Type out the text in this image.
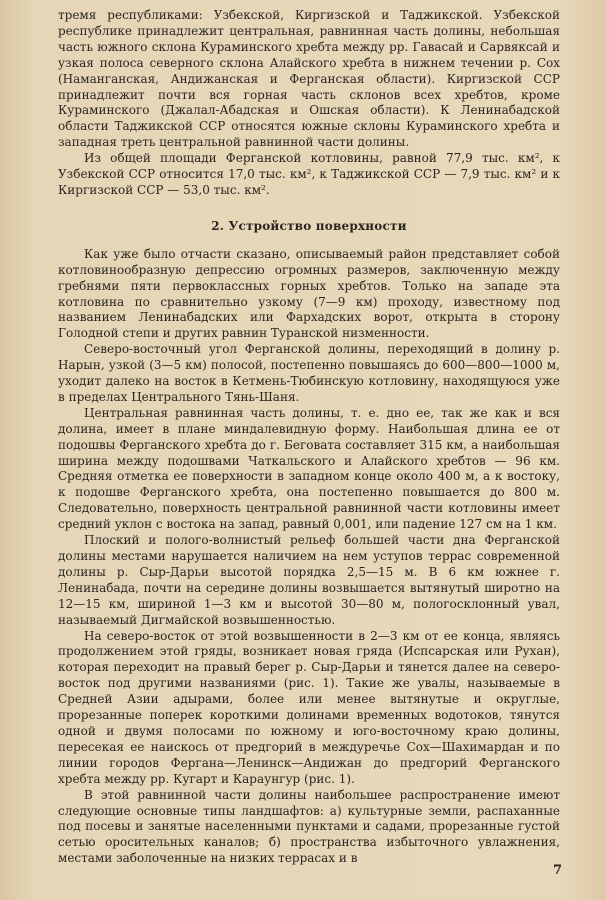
тремя республиками: Узбекской, Киргизской и Таджикской. Узбекской республике принадлежит центральная, равнинная часть долины, небольшая часть южного склона Кураминского хребта между рр. Гавасай и Сарвяксай и узкая полоса северного склона Алайского хребта в нижнем течении р. Сох (Наманганская, Андижанская и Ферганская области). Киргизской ССР принадлежит почти вся горная часть склонов всех хребтов, кроме Кураминского (Джалал-Абадская и Ошская области). К Ленинабадской области Таджикской ССР относятся южные склоны Кураминского хребта и западная треть центральной равнинной части долины.

Из общей площади Ферганской котловины, равной 77,9 тыс. км², к Узбекской ССР относится 17,0 тыс. км², к Таджикской ССР — 7,9 тыс. км² и к Киргизской ССР — 53,0 тыс. км².

2. Устройство поверхности

Как уже было отчасти сказано, описываемый район представляет собой котловинообразную депрессию огромных размеров, заключенную между гребнями пяти первоклассных горных хребтов. Только на западе эта котловина по сравнительно узкому (7—9 км) проходу, известному под названием Ленинабадских или Фархадских ворот, открыта в сторону Голодной степи и других равнин Туранской низменности.

Северо-восточный угол Ферганской долины, переходящий в долину р. Нарын, узкой (3—5 км) полосой, постепенно повышаясь до 600—800—1000 м, уходит далеко на восток в Кетмень-Тюбинскую котловину, находящуюся уже в пределах Центрального Тянь-Шаня.

Центральная равнинная часть долины, т. е. дно ее, так же как и вся долина, имеет в плане миндалевидную форму. Наибольшая длина ее от подошвы Ферганского хребта до г. Беговата составляет 315 км, а наибольшая ширина между подошвами Чаткальского и Алайского хребтов — 96 км. Средняя отметка ее поверхности в западном конце около 400 м, а к востоку, к подошве Ферганского хребта, она постепенно повышается до 800 м. Следовательно, поверхность центральной равнинной части котловины имеет средний уклон с востока на запад, равный 0,001, или падение 127 см на 1 км.

Плоский и полого-волнистый рельеф большей части дна Ферганской долины местами нарушается наличием на нем уступов террас современной долины р. Сыр-Дарьи высотой порядка 2,5—15 м. В 6 км южнее г. Ленинабада, почти на середине долины возвышается вытянутый широтно на 12—15 км, шириной 1—3 км и высотой 30—80 м, пологосклонный увал, называемый Дигмайской возвышенностью.

На северо-восток от этой возвышенности в 2—3 км от ее конца, являясь продолжением этой гряды, возникает новая гряда (Испсарская или Рухан), которая переходит на правый берег р. Сыр-Дарьи и тянется далее на северо-восток под другими названиями (рис. 1). Такие же увалы, называемые в Средней Азии адырами, более или менее вытянутые и округлые, прорезанные поперек короткими долинами временных водотоков, тянутся одной и двумя полосами по южному и юго-восточному краю долины, пересекая ее наискось от предгорий в междуречье Сох—Шахимардан и по линии городов Фергана—Ленинск—Андижан до предгорий Ферганского хребта между рр. Кугарт и Караунгур (рис. 1).

В этой равнинной части долины наибольшее распространение имеют следующие основные типы ландшафтов: а) культурные земли, распаханные под посевы и занятые населенными пунктами и садами, прорезанные густой сетью оросительных каналов; б) пространства избыточного увлажнения, местами заболоченные на низких террасах и в

7
